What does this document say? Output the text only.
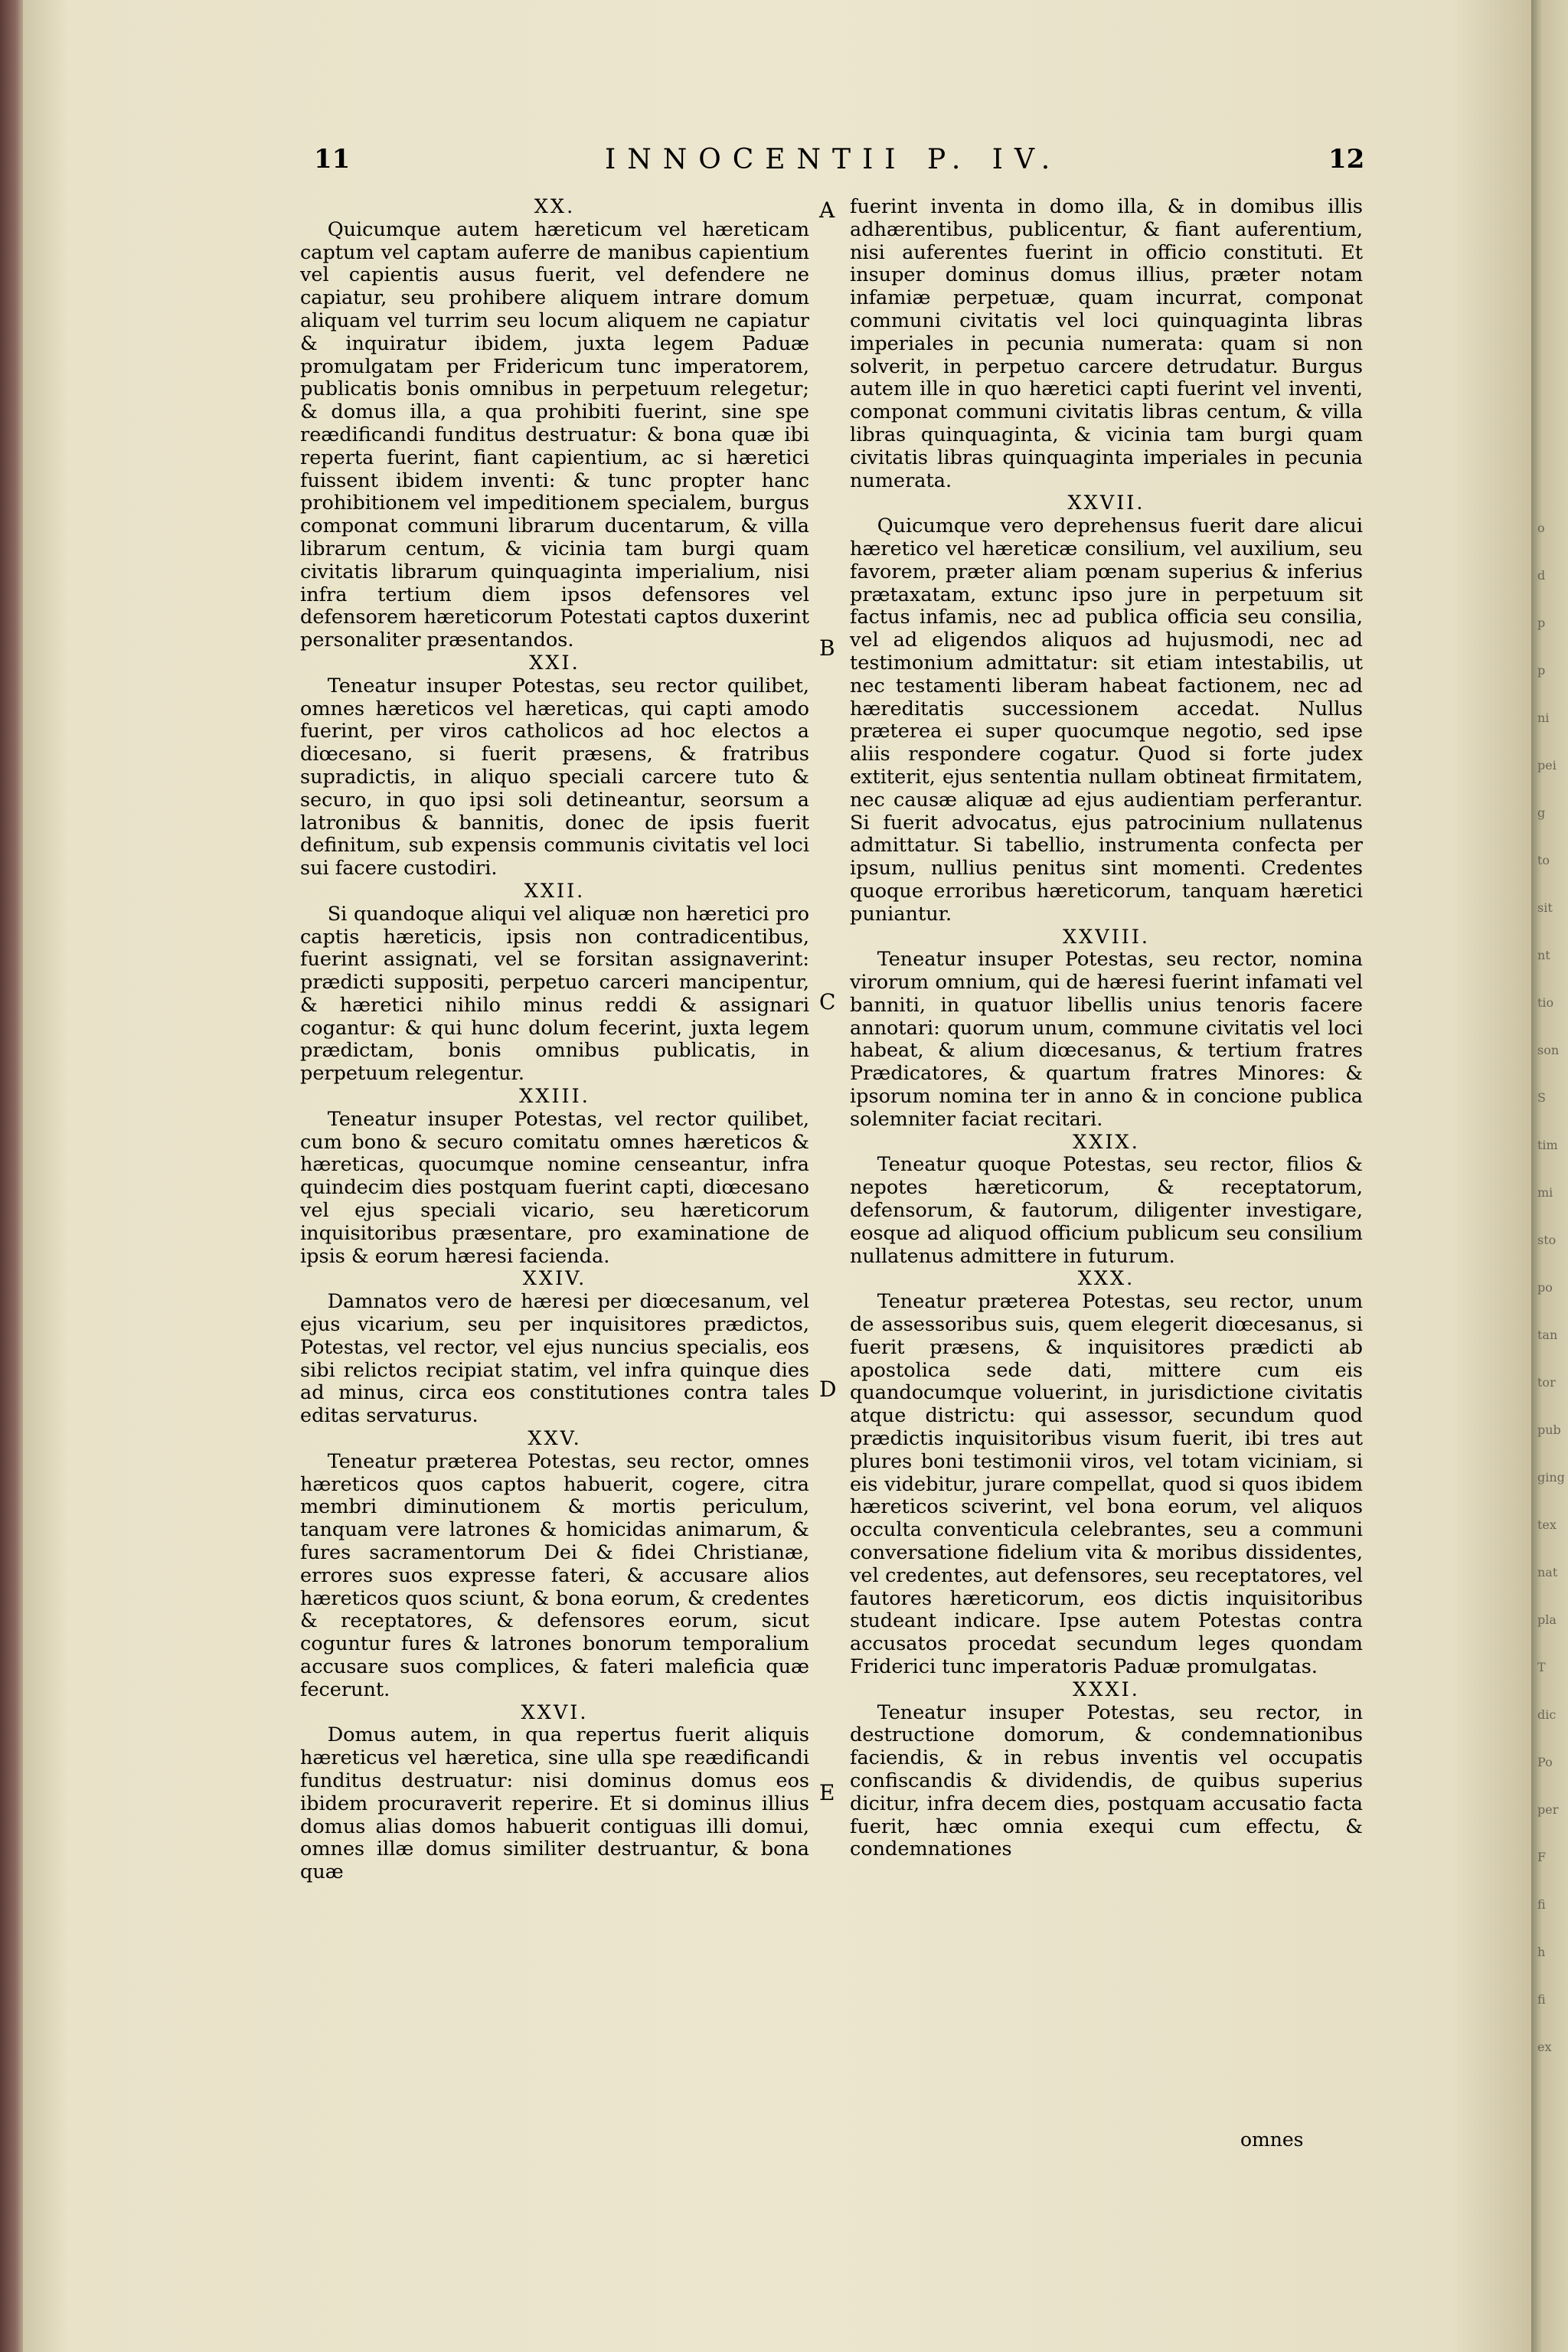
o
d
p
p
ni
pei
g
to
sit
nt
tio
son
S
tim
mi
sto
po
tan
tor
pub
ging
tex
nat
pla
T
dic
Po
per
F
fi
h
fi
ex
11	INNOCENTII P. IV.	12
XX.

Quicumque autem hæreticum vel hæreticam captum vel captam auferre de manibus capientium vel capientis ausus fuerit, vel defendere ne capiatur, seu prohibere aliquem intrare domum aliquam vel turrim seu locum aliquem ne capiatur & inquiratur ibidem, juxta legem Paduæ promulgatam per Fridericum tunc imperatorem, publicatis bonis omnibus in perpetuum relegetur; & domus illa, a qua prohibiti fuerint, sine spe reædificandi funditus destruatur: & bona quæ ibi reperta fuerint, fiant capientium, ac si hæretici fuissent ibidem inventi: & tunc propter hanc prohibitionem vel impeditionem specialem, burgus componat communi librarum ducentarum, & villa librarum centum, & vicinia tam burgi quam civitatis librarum quinquaginta imperialium, nisi infra tertium diem ipsos defensores vel defensorem hæreticorum Potestati captos duxerint personaliter præsentandos.

XXI.

Teneatur insuper Potestas, seu rector quilibet, omnes hæreticos vel hæreticas, qui capti amodo fuerint, per viros catholicos ad hoc electos a diœcesano, si fuerit præsens, & fratribus supradictis, in aliquo speciali carcere tuto & securo, in quo ipsi soli detineantur, seorsum a latronibus & bannitis, donec de ipsis fuerit definitum, sub expensis communis civitatis vel loci sui facere custodiri.

XXII.

Si quandoque aliqui vel aliquæ non hæretici pro captis hæreticis, ipsis non contradicentibus, fuerint assignati, vel se forsitan assignaverint: prædicti suppositi, perpetuo carceri mancipentur, & hæretici nihilo minus reddi & assignari cogantur: & qui hunc dolum fecerint, juxta legem prædictam, bonis omnibus publicatis, in perpetuum relegentur.

XXIII.

Teneatur insuper Potestas, vel rector quilibet, cum bono & securo comitatu omnes hæreticos & hæreticas, quocumque nomine censeantur, infra quindecim dies postquam fuerint capti, diœcesano vel ejus speciali vicario, seu hæreticorum inquisitoribus præsentare, pro examinatione de ipsis & eorum hæresi facienda.

XXIV.

Damnatos vero de hæresi per diœcesanum, vel ejus vicarium, seu per inquisitores prædictos, Potestas, vel rector, vel ejus nuncius specialis, eos sibi relictos recipiat statim, vel infra quinque dies ad minus, circa eos constitutiones contra tales editas servaturus.

XXV.

Teneatur præterea Potestas, seu rector, omnes hæreticos quos captos habuerit, cogere, citra membri diminutionem & mortis periculum, tanquam vere latrones & homicidas animarum, & fures sacramentorum Dei & fidei Christianæ, errores suos expresse fateri, & accusare alios hæreticos quos sciunt, & bona eorum, & credentes & receptatores, & defensores eorum, sicut coguntur fures & latrones bonorum temporalium accusare suos complices, & fateri maleficia quæ fecerunt.

XXVI.

Domus autem, in qua repertus fuerit aliquis hæreticus vel hæretica, sine ulla spe reædificandi funditus destruatur: nisi dominus domus eos ibidem procuraverit reperire. Et si dominus illius domus alias domos habuerit contiguas illi domui, omnes illæ domus similiter destruantur, & bona quæ

fuerint inventa in domo illa, & in domibus illis adhærentibus, publicentur, & fiant auferentium, nisi auferentes fuerint in officio constituti. Et insuper dominus domus illius, præter notam infamiæ perpetuæ, quam incurrat, componat communi civitatis vel loci quinquaginta libras imperiales in pecunia numerata: quam si non solverit, in perpetuo carcere detrudatur. Burgus autem ille in quo hæretici capti fuerint vel inventi, componat communi civitatis libras centum, & villa libras quinquaginta, & vicinia tam burgi quam civitatis libras quinquaginta imperiales in pecunia numerata.

XXVII.

Quicumque vero deprehensus fuerit dare alicui hæretico vel hæreticæ consilium, vel auxilium, seu favorem, præter aliam pœnam superius & inferius prætaxatam, extunc ipso jure in perpetuum sit factus infamis, nec ad publica officia seu consilia, vel ad eligendos aliquos ad hujusmodi, nec ad testimonium admittatur: sit etiam intestabilis, ut nec testamenti liberam habeat factionem, nec ad hæreditatis successionem accedat. Nullus præterea ei super quocumque negotio, sed ipse aliis respondere cogatur. Quod si forte judex extiterit, ejus sententia nullam obtineat firmitatem, nec causæ aliquæ ad ejus audientiam perferantur. Si fuerit advocatus, ejus patrocinium nullatenus admittatur. Si tabellio, instrumenta confecta per ipsum, nullius penitus sint momenti. Credentes quoque erroribus hæreticorum, tanquam hæretici puniantur.

XXVIII.

Teneatur insuper Potestas, seu rector, nomina virorum omnium, qui de hæresi fuerint infamati vel banniti, in quatuor libellis unius tenoris facere annotari: quorum unum, commune civitatis vel loci habeat, & alium diœcesanus, & tertium fratres Prædicatores, & quartum fratres Minores: & ipsorum nomina ter in anno & in concione publica solemniter faciat recitari.

XXIX.

Teneatur quoque Potestas, seu rector, filios & nepotes hæreticorum, & receptatorum, defensorum, & fautorum, diligenter investigare, eosque ad aliquod officium publicum seu consilium nullatenus admittere in futurum.

XXX.

Teneatur præterea Potestas, seu rector, unum de assessoribus suis, quem elegerit diœcesanus, si fuerit præsens, & inquisitores prædicti ab apostolica sede dati, mittere cum eis quandocumque voluerint, in jurisdictione civitatis atque districtu: qui assessor, secundum quod prædictis inquisitoribus visum fuerit, ibi tres aut plures boni testimonii viros, vel totam viciniam, si eis videbitur, jurare compellat, quod si quos ibidem hæreticos sciverint, vel bona eorum, vel aliquos occulta conventicula celebrantes, seu a communi conversatione fidelium vita & moribus dissidentes, vel credentes, aut defensores, seu receptatores, vel fautores hæreticorum, eos dictis inquisitoribus studeant indicare. Ipse autem Potestas contra accusatos procedat secundum leges quondam Friderici tunc imperatoris Paduæ promulgatas.

XXXI.

Teneatur insuper Potestas, seu rector, in destructione domorum, & condemnationibus faciendis, & in rebus inventis vel occupatis confiscandis & dividendis, de quibus superius dicitur, infra decem dies, postquam accusatio facta fuerit, hæc omnia exequi cum effectu, & condemnationes

A
B
C
D
E
omnes
